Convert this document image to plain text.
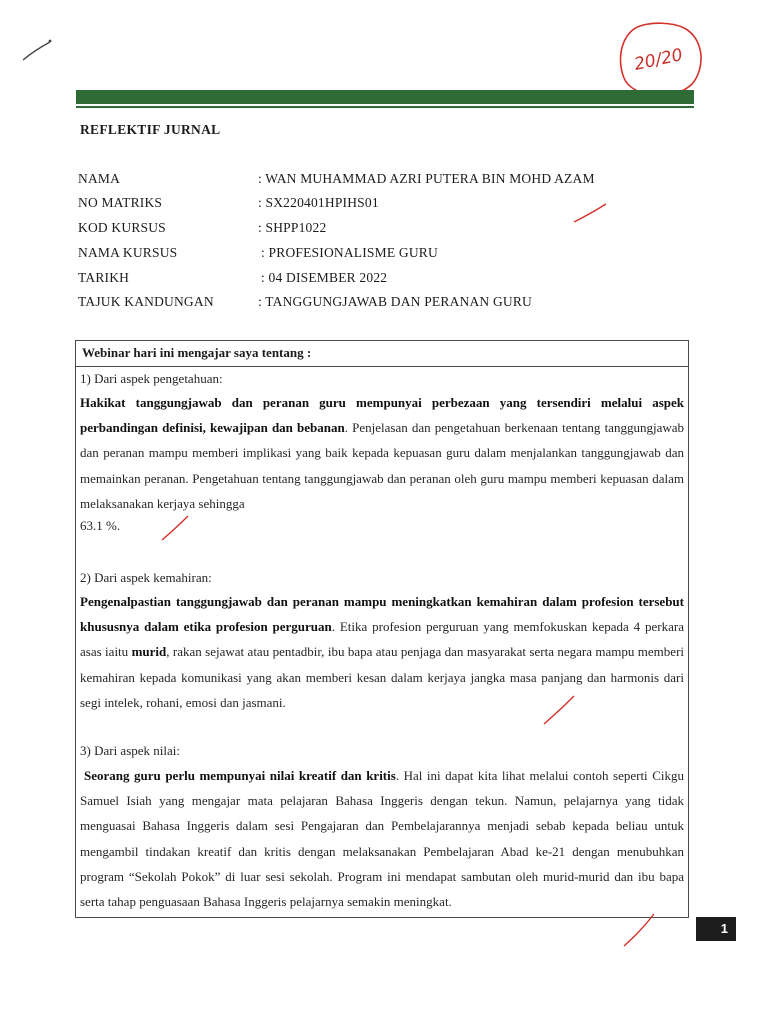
20/20
REFLEKTIF JURNAL
NAMA	: WAN MUHAMMAD AZRI PUTERA BIN MOHD AZAM
NO MATRIKS	: SX220401HPIHS01
KOD KURSUS	: SHPP1022
NAMA KURSUS	: PROFESIONALISME GURU
TARIKH	: 04 DISEMBER 2022
TAJUK KANDUNGAN	: TANGGUNGJAWAB DAN PERANAN GURU
Webinar hari ini mengajar saya tentang :
1) Dari aspek pengetahuan:
Hakikat tanggungjawab dan peranan guru mempunyai perbezaan yang tersendiri melalui aspek perbandingan definisi, kewajipan dan bebanan. Penjelasan dan pengetahuan berkenaan tentang tanggungjawab dan peranan mampu memberi implikasi yang baik kepada kepuasan guru dalam menjalankan tanggungjawab dan memainkan peranan. Pengetahuan tentang tanggungjawab dan peranan oleh guru mampu memberi kepuasan dalam melaksanakan kerjaya sehingga
63.1 %.
2) Dari aspek kemahiran:
Pengenalpastian tanggungjawab dan peranan mampu meningkatkan kemahiran dalam profesion tersebut khususnya dalam etika profesion perguruan. Etika profesion perguruan yang memfokuskan kepada 4 perkara asas iaitu murid, rakan sejawat atau pentadbir, ibu bapa atau penjaga dan masyarakat serta negara mampu memberi kemahiran kepada komunikasi yang akan memberi kesan dalam kerjaya jangka masa panjang dan harmonis dari segi intelek, rohani, emosi dan jasmani.
3) Dari aspek nilai:
Seorang guru perlu mempunyai nilai kreatif dan kritis. Hal ini dapat kita lihat melalui contoh seperti Cikgu Samuel Isiah yang mengajar mata pelajaran Bahasa Inggeris dengan tekun. Namun, pelajarnya yang tidak menguasai Bahasa Inggeris dalam sesi Pengajaran dan Pembelajarannya menjadi sebab kepada beliau untuk mengambil tindakan kreatif dan kritis dengan melaksanakan Pembelajaran Abad ke-21 dengan menubuhkan program “Sekolah Pokok” di luar sesi sekolah. Program ini mendapat sambutan oleh murid-murid dan ibu bapa serta tahap penguasaan Bahasa Inggeris pelajarnya semakin meningkat.
1
